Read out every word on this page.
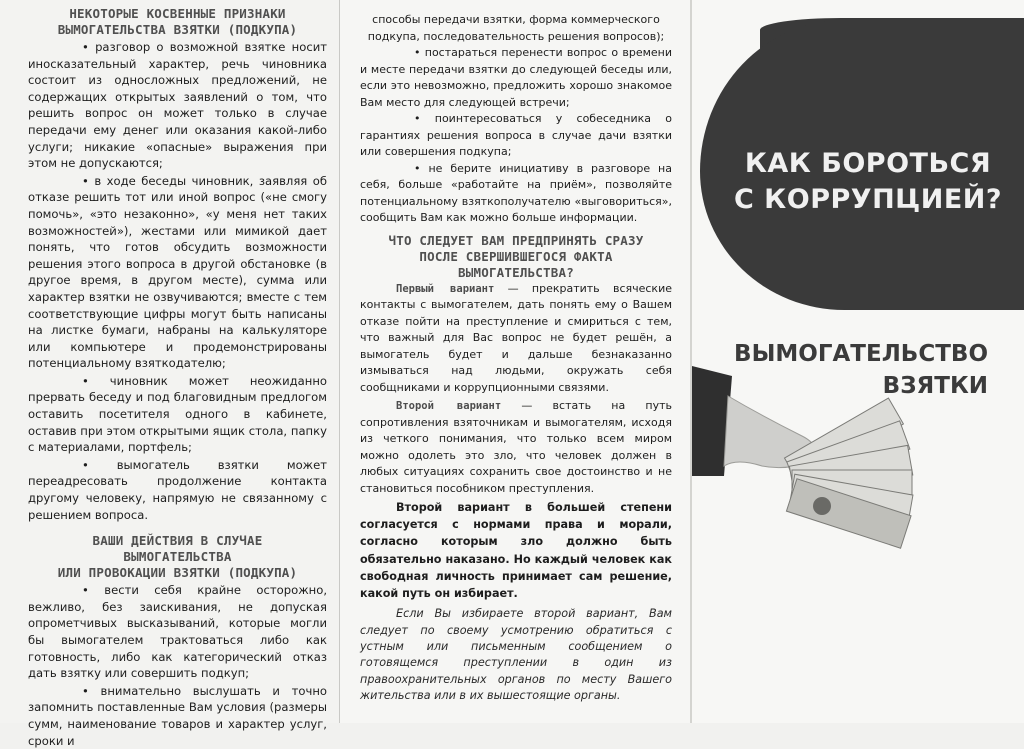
НЕКОТОРЫЕ КОСВЕННЫЕ ПРИЗНАКИ
ВЫМОГАТЕЛЬСТВА ВЗЯТКИ (ПОДКУПА)
• разговор о возможной взятке носит иносказательный характер, речь чиновника состоит из односложных предложений, не содержащих открытых заявлений о том, что решить вопрос он может только в случае передачи ему денег или оказания какой-либо услуги; никакие «опасные» выражения при этом не допускаются;
• в ходе беседы чиновник, заявляя об отказе решить тот или иной вопрос («не смогу помочь», «это незаконно», «у меня нет таких возможностей»), жестами или мимикой дает понять, что готов обсудить возможности решения этого вопроса в другой обстановке (в другое время, в другом месте), сумма или характер взятки не озвучиваются; вместе с тем соответствующие цифры могут быть написаны на листке бумаги, набраны на калькуляторе или компьютере и продемонстрированы потенциальному взяткодателю;
• чиновник может неожиданно прервать беседу и под благовидным предлогом оставить посетителя одного в кабинете, оставив при этом открытыми ящик стола, папку с материалами, портфель;
• вымогатель взятки может переадресовать продолжение контакта другому человеку, напрямую не связанному с решением вопроса.
ВАШИ ДЕЙСТВИЯ В СЛУЧАЕ
ВЫМОГАТЕЛЬСТВА
ИЛИ ПРОВОКАЦИИ ВЗЯТКИ (ПОДКУПА)
• вести себя крайне осторожно, вежливо, без заискивания, не допуская опрометчивых высказываний, которые могли бы вымогателем трактоваться либо как готовность, либо как категорический отказ дать взятку или совершить подкуп;
• внимательно выслушать и точно запомнить поставленные Вам условия (размеры сумм, наименование товаров и характер услуг, сроки и
способы передачи взятки, форма коммерческого подкупа, последовательность решения вопросов);
• постараться перенести вопрос о времени и месте передачи взятки до следующей беседы или, если это невозможно, предложить хорошо знакомое Вам место для следующей встречи;
• поинтересоваться у собеседника о гарантиях решения вопроса в случае дачи взятки или совершения подкупа;
• не берите инициативу в разговоре на себя, больше «работайте на приём», позволяйте потенциальному взяткополучателю «выговориться», сообщить Вам как можно больше информации.
ЧТО СЛЕДУЕТ ВАМ ПРЕДПРИНЯТЬ СРАЗУ
ПОСЛЕ СВЕРШИВШЕГОСЯ ФАКТА
ВЫМОГАТЕЛЬСТВА?
Первый вариант — прекратить всяческие контакты с вымогателем, дать понять ему о Вашем отказе пойти на преступление и смириться с тем, что важный для Вас вопрос не будет решён, а вымогатель будет и дальше безнаказанно измываться над людьми, окружать себя сообщниками и коррупционными связями.
Второй вариант — встать на путь сопротивления взяточникам и вымогателям, исходя из четкого понимания, что только всем миром можно одолеть это зло, что человек должен в любых ситуациях сохранить свое достоинство и не становиться пособником преступления.
Второй вариант в большей степени согласуется с нормами права и морали, согласно которым зло должно быть обязательно наказано. Но каждый человек как свободная личность принимает сам решение, какой путь он избирает.
Если Вы избираете второй вариант, Вам следует по своему усмотрению обратиться с устным или письменным сообщением о готовящемся преступлении в один из правоохранительных органов по месту Вашего жительства или в их вышестоящие органы.
КАК БОРОТЬСЯ
С КОРРУПЦИЕЙ?
ВЫМОГАТЕЛЬСТВО
ВЗЯТКИ
